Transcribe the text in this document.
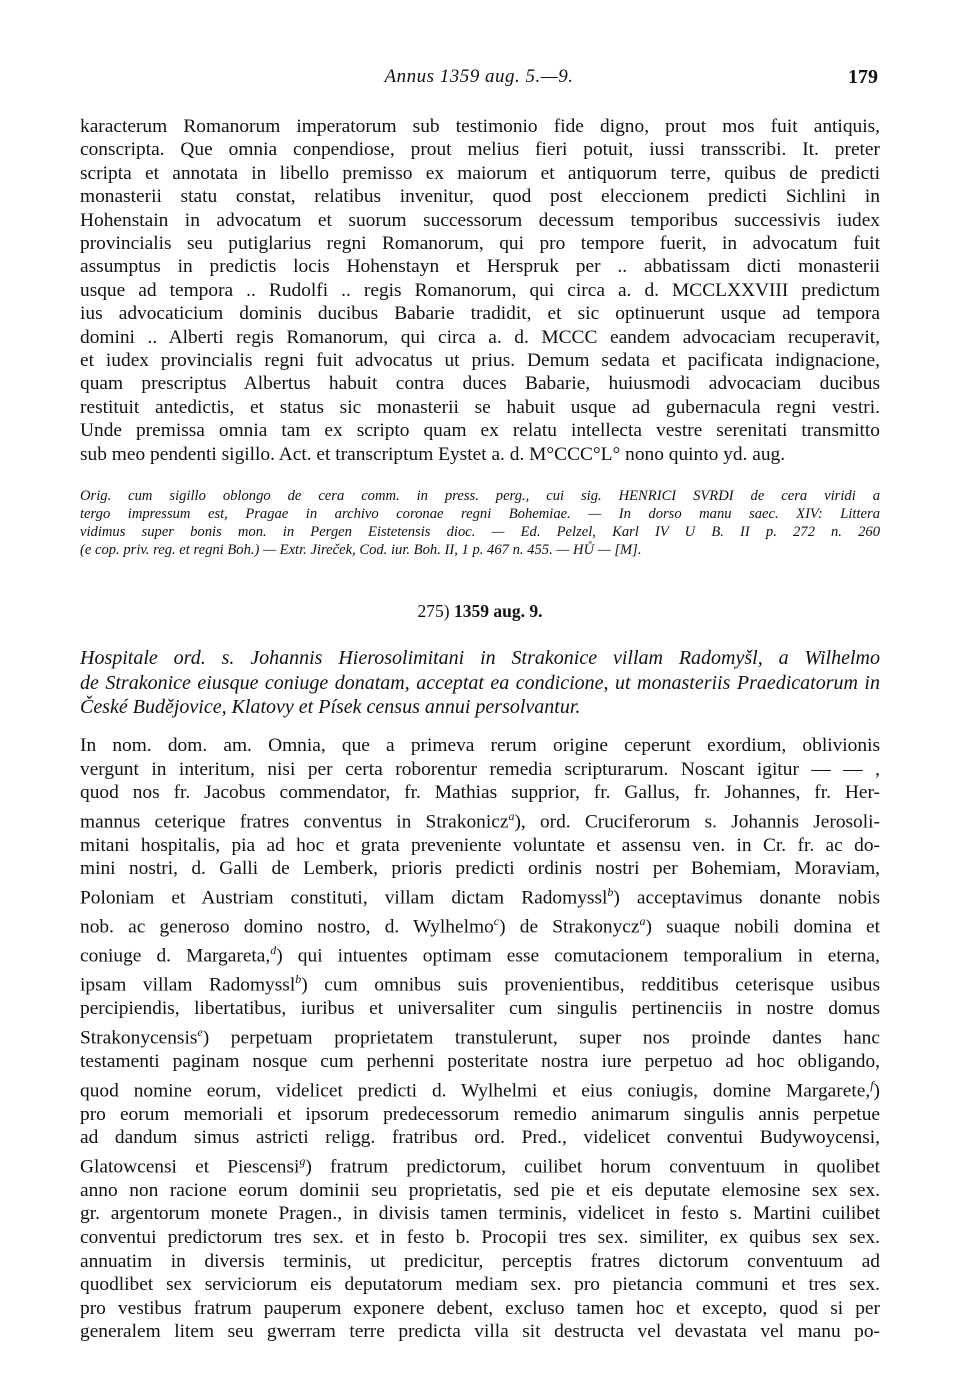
Annus 1359 aug. 5.—9.	179

karacterum Romanorum imperatorum sub testimonio fide digno, prout mos fuit antiquis,
conscripta. Que omnia conpendiose, prout melius fieri potuit, iussi transscribi. It. preter
scripta et annotata in libello premisso ex maiorum et antiquorum terre, quibus de predicti
monasterii statu constat, relatibus invenitur, quod post eleccionem predicti Sichlini in
Hohenstain in advocatum et suorum successorum decessum temporibus successivis iudex
provincialis seu putiglarius regni Romanorum, qui pro tempore fuerit, in advocatum fuit
assumptus in predictis locis Hohenstayn et Herspruk per .. abbatissam dicti monasterii
usque ad tempora .. Rudolfi .. regis Romanorum, qui circa a. d. MCCLXXVIII predictum
ius advocaticium dominis ducibus Babarie tradidit, et sic optinuerunt usque ad tempora
domini .. Alberti regis Romanorum, qui circa a. d. MCCC eandem advocaciam recuperavit,
et iudex provincialis regni fuit advocatus ut prius. Demum sedata et pacificata indignacione,
quam prescriptus Albertus habuit contra duces Babarie, huiusmodi advocaciam ducibus
restituit antedictis, et status sic monasterii se habuit usque ad gubernacula regni vestri.
Unde premissa omnia tam ex scripto quam ex relatu intellecta vestre serenitati transmitto
sub meo pendenti sigillo. Act. et transcriptum Eystet a. d. M°CCC°L° nono quinto yd. aug.

Orig. cum sigillo oblongo de cera comm. in press. perg., cui sig. HENRICI SVRDI de cera viridi a
tergo impressum est, Pragae in archivo coronae regni Bohemiae. — In dorso manu saec. XIV: Littera
vidimus super bonis mon. in Pergen Eistetensis dioc. — Ed. Pelzel, Karl IV U B. II p. 272 n. 260
(e cop. priv. reg. et regni Boh.) — Extr. Jireček, Cod. iur. Boh. II, 1 p. 467 n. 455. — HŮ — [M].

275) 1359 aug. 9.

Hospitale ord. s. Johannis Hierosolimitani in Strakonice villam Radomyšl, a Wilhelmo
de Strakonice eiusque coniuge donatam, acceptat ea condicione, ut monasteriis Praedicatorum in
České Budějovice, Klatovy et Písek census annui persolvantur.

In nom. dom. am. Omnia, que a primeva rerum origine ceperunt exordium, oblivionis
vergunt in interitum, nisi per certa roborentur remedia scripturarum. Noscant igitur — — ,
quod nos fr. Jacobus commendator, fr. Mathias supprior, fr. Gallus, fr. Johannes, fr. Her-
mannus ceterique fratres conventus in Strakonicz$^a$), ord. Cruciferorum s. Johannis Jerosoli-
mitani hospitalis, pia ad hoc et grata preveniente voluntate et assensu ven. in Cr. fr. ac do-
mini nostri, d. Galli de Lemberk, prioris predicti ordinis nostri per Bohemiam, Moraviam,
Poloniam et Austriam constituti, villam dictam Radomyssl$^b$) acceptavimus donante nobis
nob. ac generoso domino nostro, d. Wylhelmo$^c$) de Strakonycz$^a$) suaque nobili domina et
coniuge d. Margareta,$^d$) qui intuentes optimam esse comutacionem temporalium in eterna,
ipsam villam Radomyssl$^b$) cum omnibus suis provenientibus, redditibus ceterisque usibus
percipiendis, libertatibus, iuribus et universaliter cum singulis pertinenciis in nostre domus
Strakonycensis$^e$) perpetuam proprietatem transtulerunt, super nos proinde dantes hanc
testamenti paginam nosque cum perhenni posteritate nostra iure perpetuo ad hoc obligando,
quod nomine eorum, videlicet predicti d. Wylhelmi et eius coniugis, domine Margarete,$^f$)
pro eorum memoriali et ipsorum predecessorum remedio animarum singulis annis perpetue
ad dandum simus astricti religg. fratribus ord. Pred., videlicet conventui Budywoycensi,
Glatowcensi et Piescensi$^g$) fratrum predictorum, cuilibet horum conventuum in quolibet
anno non racione eorum dominii seu proprietatis, sed pie et eis deputate elemosine sex sex.
gr. argentorum monete Pragen., in divisis tamen terminis, videlicet in festo s. Martini cuilibet
conventui predictorum tres sex. et in festo b. Procopii tres sex. similiter, ex quibus sex sex.
annuatim in diversis terminis, ut predicitur, perceptis fratres dictorum conventuum ad
quodlibet sex serviciorum eis deputatorum mediam sex. pro pietancia communi et tres sex.
pro vestibus fratrum pauperum exponere debent, excluso tamen hoc et excepto, quod si per
generalem litem seu gwerram terre predicta villa sit destructa vel devastata vel manu po-
